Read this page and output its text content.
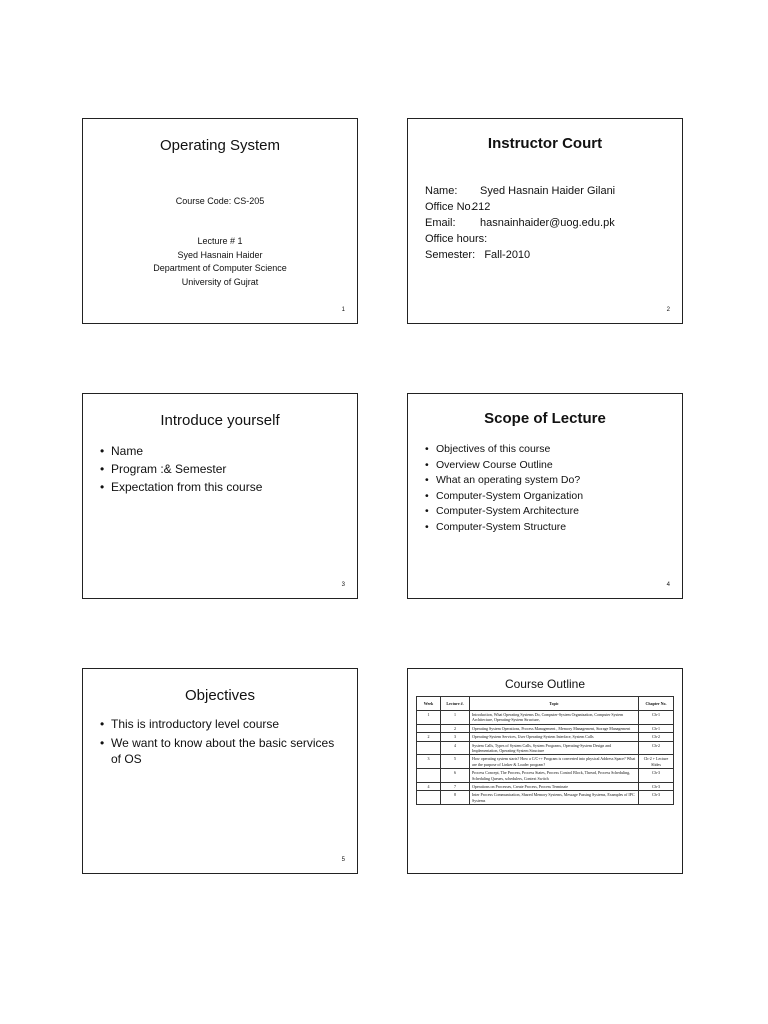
Operating System
Course Code: CS-205
Lecture # 1
Syed Hasnain Haider
Department of Computer Science
University of Gujrat
1
Instructor Court
Name: Syed Hasnain Haider Gilani
Office No.212
Email: hasnainhaider@uog.edu.pk
Office hours:
Semester: Fall-2010
2
Introduce yourself
• Name
• Program :& Semester
• Expectation from this course
3
Scope of Lecture
• Objectives of this course
• Overview Course Outline
• What an operating system Do?
• Computer-System Organization
• Computer-System Architecture
• Computer-System Structure
4
Objectives
• This is introductory level course
• We want to know about the basic services of OS
5
Course Outline
Week	Lecture #.	Topic	Chapter No.
1	1	Introduction, What Operating Systems Do, Computer-System Organization, Computer System Architecture, Operating-System Structure,	Ch-1
	2	Operating System Operations, Process Management , Memory Management, Storage Management	Ch-1
2	3	Operating-System Services, User Operating-System Interface, System Calls	Ch-2
	4	System Calls, Types of System Calls, System Programs, Operating-System Design and Implementation, Operating-System Structure	Ch-2
3	5	How operating system starts? How a C/C++ Program is converted into physical Address Space? What are the purpose of Linker & Loader program?	Ch-2 + Lecture Slides
	6	Process Concept, The Process, Process States, Process Control Block, Thread, Process Scheduling, Scheduling Queues, schedulers, Context Switch	Ch-3
4	7	Operations on Processes, Create Process, Process Terminate	Ch-3
	8	Inter Process Communication, Shared Memory Systems, Message Passing Systems, Examples of IPC Systems	Ch-3
